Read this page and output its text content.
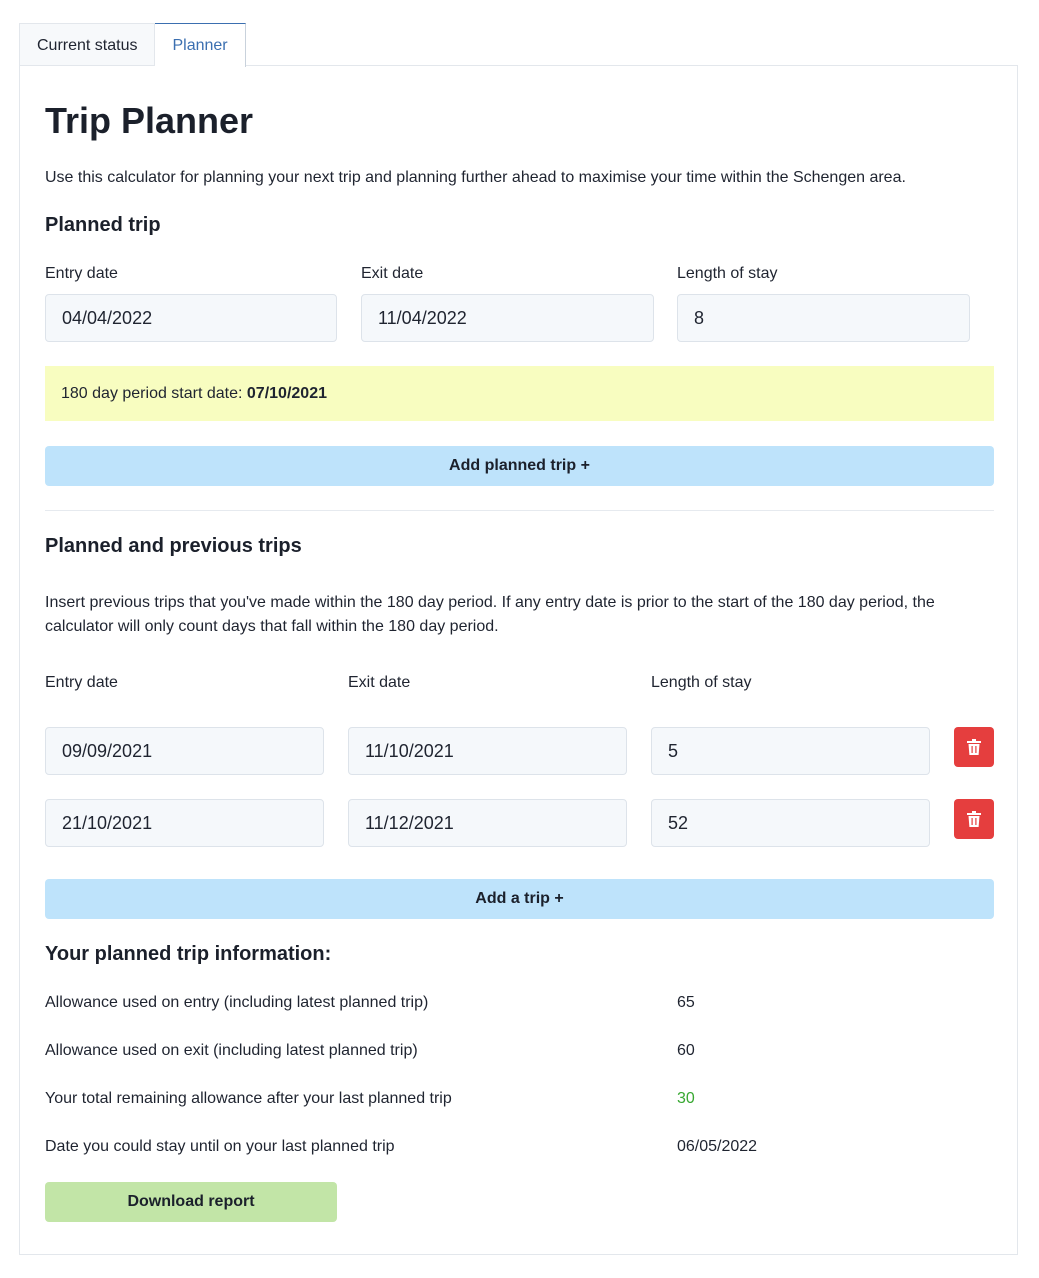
Current status	Planner
Trip Planner
Use this calculator for planning your next trip and planning further ahead to maximise your time within the Schengen area.
Planned trip
Entry date	Exit date	Length of stay
04/04/2022	11/04/2022	8
180 day period start date: 07/10/2021
Add planned trip +
Planned and previous trips
Insert previous trips that you've made within the 180 day period. If any entry date is prior to the start of the 180 day period, the calculator will only count days that fall within the 180 day period.
Entry date	Exit date	Length of stay
09/09/2021	11/10/2021	5
21/10/2021	11/12/2021	52
Add a trip +
Your planned trip information:
Allowance used on entry (including latest planned trip)	65
Allowance used on exit (including latest planned trip)	60
Your total remaining allowance after your last planned trip	30
Date you could stay until on your last planned trip	06/05/2022
Download report
